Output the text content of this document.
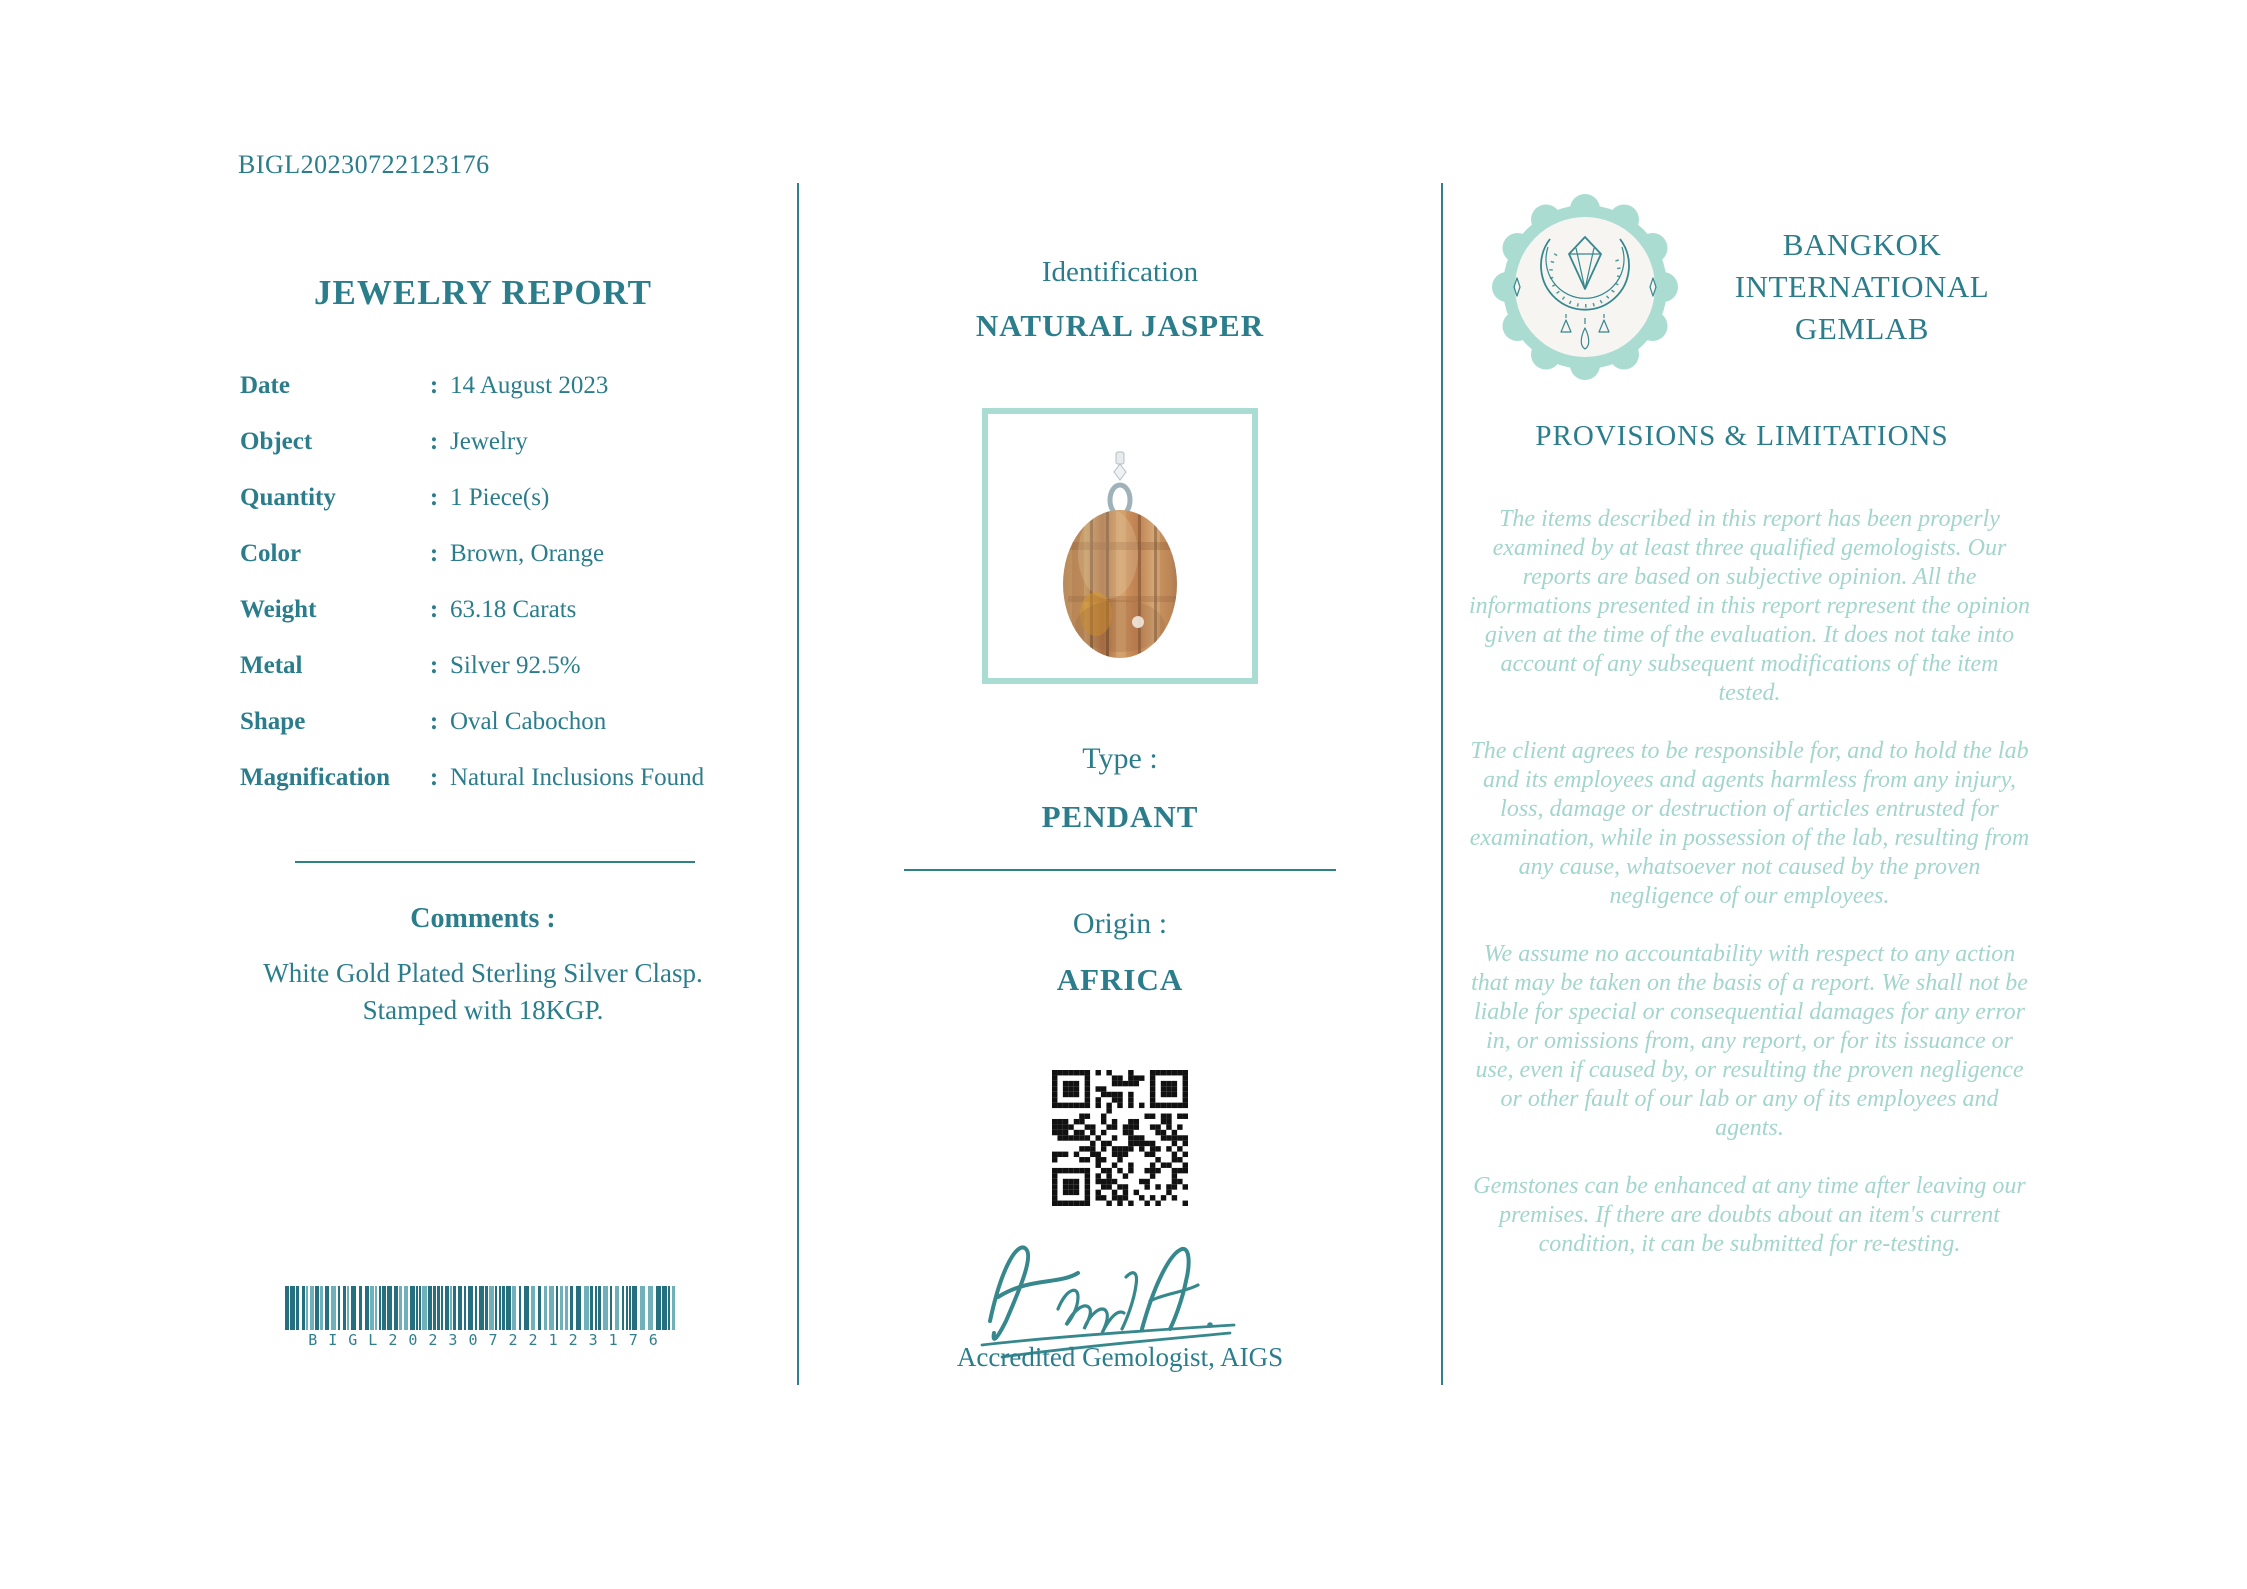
BIGL20230722123176
JEWELRY REPORT
Date	: 14 August 2023
Object	: Jewelry
Quantity	: 1 Piece(s)
Color	: Brown, Orange
Weight	: 63.18 Carats
Metal	: Silver 92.5%
Shape	: Oval Cabochon
Magnification	: Natural Inclusions Found
Comments :
White Gold Plated Sterling Silver Clasp.
Stamped with 18KGP.
BIGL20230722123176
Identification
NATURAL JASPER
Type :
PENDANT
Origin :
AFRICA
Accredited Gemologist, AIGS
BANGKOK
INTERNATIONAL
GEMLAB
PROVISIONS & LIMITATIONS

The items described in this report has been properly examined by at least three qualified gemologists. Our reports are based on subjective opinion. All the informations presented in this report represent the opinion given at the time of the evaluation. It does not take into account of any subsequent modifications of the item tested.

The client agrees to be responsible for, and to hold the lab and its employees and agents harmless from any injury, loss, damage or destruction of articles entrusted for examination, while in possession of the lab, resulting from any cause, whatsoever not caused by the proven negligence of our employees.

We assume no accountability with respect to any action that may be taken on the basis of a report. We shall not be liable for special or consequential damages for any error in, or omissions from, any report, or for its issuance or use, even if caused by, or resulting the proven negligence or other fault of our lab or any of its employees and agents.

Gemstones can be enhanced at any time after leaving our premises. If there are doubts about an item's current condition, it can be submitted for re-testing.
